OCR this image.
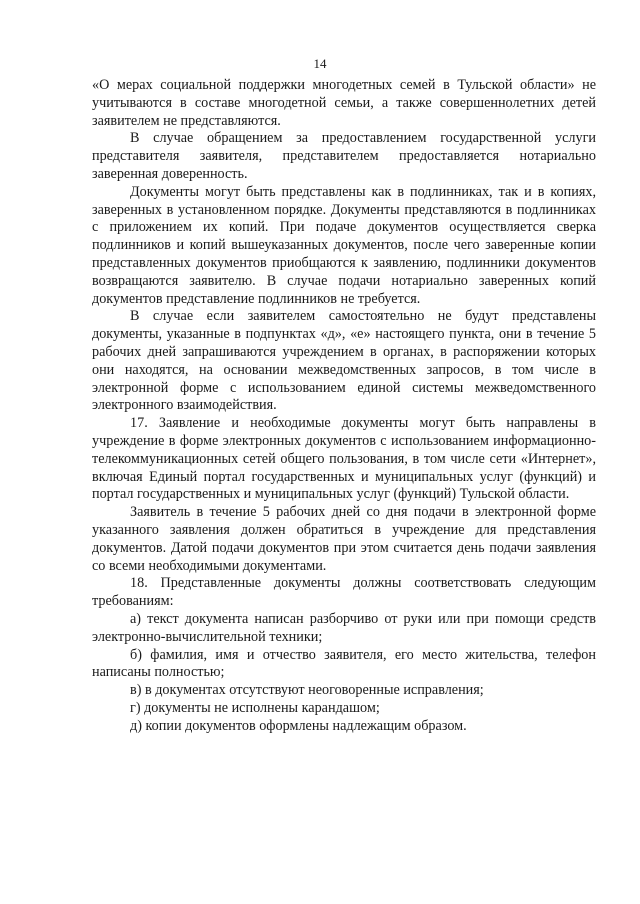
14

«О мерах социальной поддержки многодетных семей в Тульской области» не учитываются в составе многодетной семьи, а также совершеннолетних детей заявителем не представляются.

В случае обращением за предоставлением государственной услуги представителя заявителя, представителем предоставляется нотариально заверенная доверенность.

Документы могут быть представлены как в подлинниках, так и в копиях, заверенных в установленном порядке. Документы представляются в подлинниках с приложением их копий. При подаче документов осуществляется сверка подлинников и копий вышеуказанных документов, после чего заверенные копии представленных документов приобщаются к заявлению, подлинники документов возвращаются заявителю. В случае подачи нотариально заверенных копий документов представление подлинников не требуется.

В случае если заявителем самостоятельно не будут представлены документы, указанные в подпунктах «д», «е» настоящего пункта, они в течение 5 рабочих дней запрашиваются учреждением в органах, в распоряжении которых они находятся, на основании межведомственных запросов, в том числе в электронной форме с использованием единой системы межведомственного электронного взаимодействия.

17. Заявление и необходимые документы могут быть направлены в учреждение в форме электронных документов с использованием информационно-телекоммуникационных сетей общего пользования, в том числе сети «Интернет», включая Единый портал государственных и муниципальных услуг (функций) и портал государственных и муниципальных услуг (функций) Тульской области.

Заявитель в течение 5 рабочих дней со дня подачи в электронной форме указанного заявления должен обратиться в учреждение для представления документов. Датой подачи документов при этом считается день подачи заявления со всеми необходимыми документами.

18. Представленные документы должны соответствовать следующим требованиям:

а) текст документа написан разборчиво от руки или при помощи средств электронно-вычислительной техники;

б) фамилия, имя и отчество заявителя, его место жительства, телефон написаны полностью;

в) в документах отсутствуют неоговоренные исправления;

г) документы не исполнены карандашом;

д) копии документов оформлены надлежащим образом.
